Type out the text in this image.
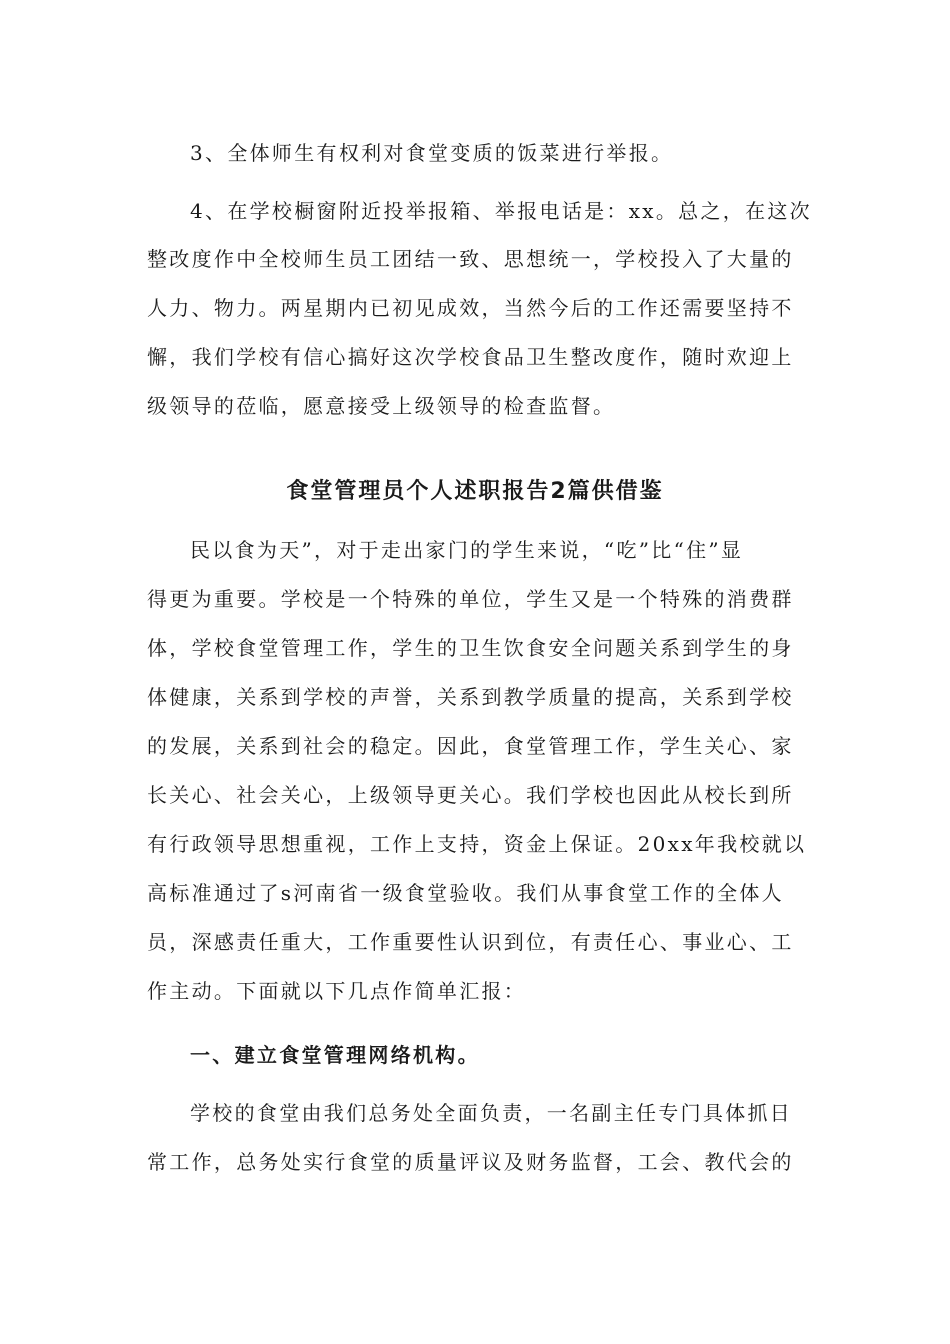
3、全体师生有权利对食堂变质的饭菜进行举报。
4、在学校橱窗附近投举报箱、举报电话是：xx。总之，在这次
整改度作中全校师生员工团结一致、思想统一，学校投入了大量的
人力、物力。两星期内已初见成效，当然今后的工作还需要坚持不
懈，我们学校有信心搞好这次学校食品卫生整改度作，随时欢迎上
级领导的莅临，愿意接受上级领导的检查监督。
食堂管理员个人述职报告2篇供借鉴
民以食为天”，对于走出家门的学生来说，“吃”比“住”显
得更为重要。学校是一个特殊的单位，学生又是一个特殊的消费群
体，学校食堂管理工作，学生的卫生饮食安全问题关系到学生的身
体健康，关系到学校的声誉，关系到教学质量的提高，关系到学校
的发展，关系到社会的稳定。因此，食堂管理工作，学生关心、家
长关心、社会关心，上级领导更关心。我们学校也因此从校长到所
有行政领导思想重视，工作上支持，资金上保证。20xx年我校就以
高标准通过了s河南省一级食堂验收。我们从事食堂工作的全体人
员，深感责任重大，工作重要性认识到位，有责任心、事业心、工
作主动。下面就以下几点作简单汇报：
一、建立食堂管理网络机构。
学校的食堂由我们总务处全面负责，一名副主任专门具体抓日
常工作，总务处实行食堂的质量评议及财务监督，工会、教代会的
